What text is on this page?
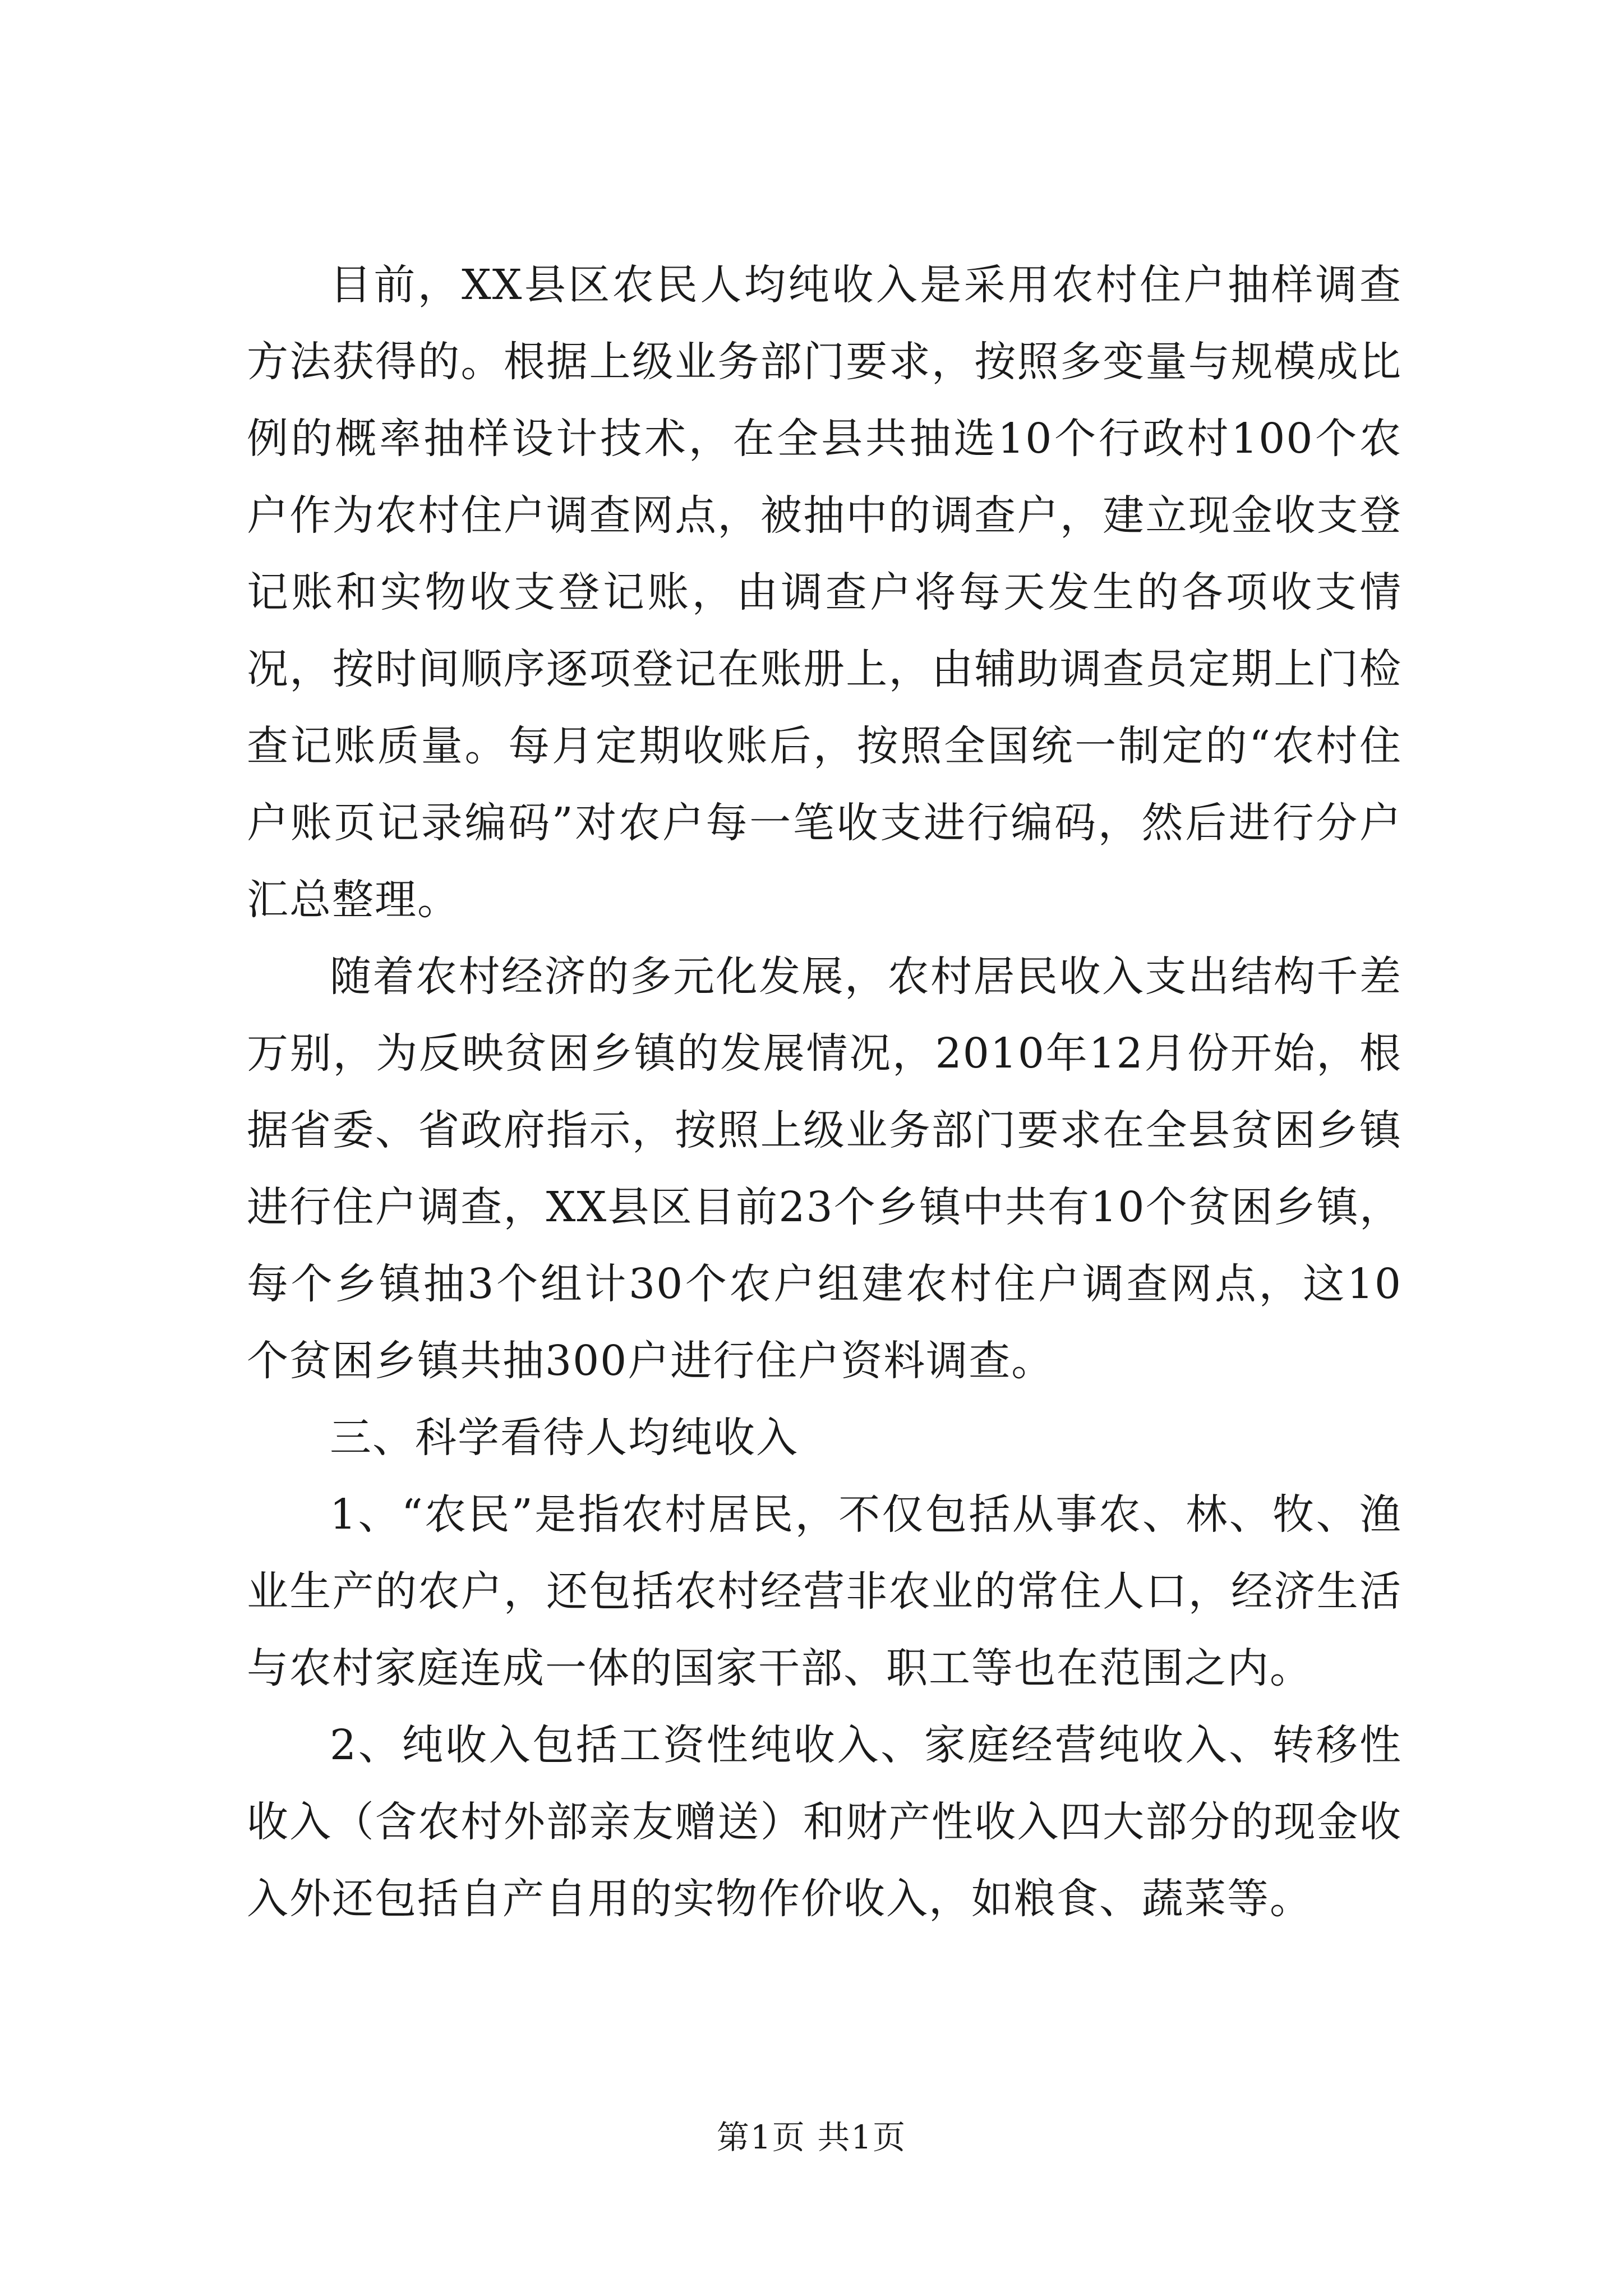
目前，XX县区农民人均纯收入是采用农村住户抽样调查方法获得的。根据上级业务部门要求，按照多变量与规模成比例的概率抽样设计技术，在全县共抽选10个行政村100个农户作为农村住户调查网点，被抽中的调查户，建立现金收支登记账和实物收支登记账，由调查户将每天发生的各项收支情况，按时间顺序逐项登记在账册上，由辅助调查员定期上门检查记账质量。每月定期收账后，按照全国统一制定的“农村住户账页记录编码”对农户每一笔收支进行编码，然后进行分户汇总整理。

随着农村经济的多元化发展，农村居民收入支出结构千差万别，为反映贫困乡镇的发展情况，2010年12月份开始，根据省委、省政府指示，按照上级业务部门要求在全县贫困乡镇进行住户调查，XX县区目前23个乡镇中共有10个贫困乡镇，每个乡镇抽3个组计30个农户组建农村住户调查网点，这10个贫困乡镇共抽300户进行住户资料调查。

三、科学看待人均纯收入

1、“农民”是指农村居民，不仅包括从事农、林、牧、渔业生产的农户，还包括农村经营非农业的常住人口，经济生活与农村家庭连成一体的国家干部、职工等也在范围之内。

2、纯收入包括工资性纯收入、家庭经营纯收入、转移性收入（含农村外部亲友赠送）和财产性收入四大部分的现金收入外还包括自产自用的实物作价收入，如粮食、蔬菜等。

第1页 共1页
